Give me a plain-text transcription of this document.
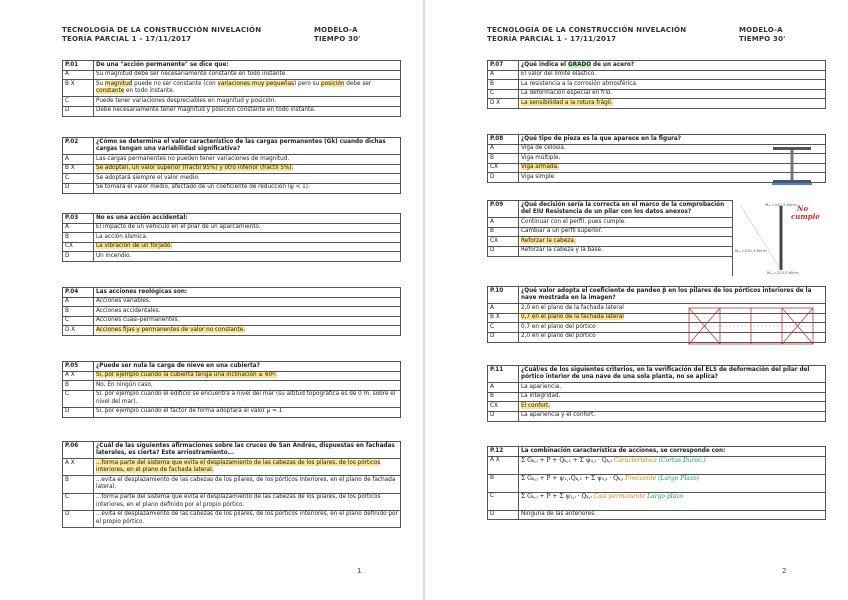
TECNOLOGÍA DE LA CONSTRUCCIÓN NIVELACIÓN
TEORÍA PARCIAL 1 - 17/11/2017
MODELO-A
TIEMPO 30'
P.01	De una "acción permanente" se dice que:
A	Su magnitud debe ser necesariamente constante en todo instante.
B X	Su magnitud puede no ser constante (con variaciones muy pequeñas) pero su posición debe ser constante en todo instante.
C	Puede tener variaciones despreciables en magnitud y posición.
D	Debe necesariamente tener magnitud y posición constante en todo instante.
P.02	¿Cómo se determina el valor característico de las cargas permanentes (Gk) cuando dichas cargas tengan una variabilidad significativa?
A	Las cargas permanentes no pueden tener variaciones de magnitud.
B X	Se adoptan, un valor superior (fractil 95%) y otro inferior (fractil 5%).
C	Se adoptará siempre el valor medio.
D	Se tomará el valor medio, afectado de un coeficiente de reducción (ψ < 1).
P.03	No es una acción accidental:
A	El impacto de un vehículo en el pilar de un aparcamiento.
B	La acción sísmica.
CX	La vibración de un forjado.
D	Un incendio.
P.04	Las acciones reológicas son:
A	Acciones variables.
B	Acciones accidentales.
C	Acciones cuasi-permanentes.
D X	Acciones fijas y permanentes de valor no constante.
P.05	¿Puede ser nula la carga de nieve en una cubierta?
A X	Sí, por ejemplo cuando la cubierta tenga una inclinación ≥ 60º.
B	No, En ningún caso.
C	Sí, por ejemplo cuando el edificio se encuentra a nivel del mar (su altitud topográfica es de 0 m. sobre el nivel del mar).
D	Sí, por ejemplo cuando el factor de forma adoptará el valor μ = 1
P.06	¿Cuál de las siguientes afirmaciones sobre las cruces de San Andrés, dispuestas en fachadas laterales, es cierta? Este arriostramiento...
A X	...forma parte del sistema que evita el desplazamiento de las cabezas de los pilares, de los pórticos interiores, en el plano de fachada lateral.
B	...evita el desplazamiento de las cabezas de los pilares, de los pórticos interiores, en el plano de fachada lateral.
C	...forma parte del sistema que evita el desplazamiento de las cabezas de los pilares, de los pórticos interiores, en el plano definido por el propio pórtico.
D	...evita el desplazamiento de las cabezas de los pilares, de los pórticos interiores, en el plano definido por el propio pórtico.
1
TECNOLOGÍA DE LA CONSTRUCCIÓN NIVELACIÓN
TEORÍA PARCIAL 1 - 17/11/2017
MODELO-A
TIEMPO 30'
P.07	¿Qué indica el GRADO de un acero?
A	El valor del límite elástico.
B	La resistencia a la corrosión atmosférica.
C	La deformación especial en frío.
D X	La sensibilidad a la rotura frágil.
P.08	¿Qué tipo de pieza es la que aparece en la figura?
A	Viga de celosía.
B	Viga múltiple.
CX	Viga armada.
D	Viga simple.
P.09	¿Qué decisión sería la correcta en el marco de la comprobación del EIU Resistencia de un pilar con los datos anexos?
A	Continuar con el perfil, pues cumple.
B	Cambiar a un perfil superior.
CX	Reforzar la cabeza.
D	Reforzar la cabeza y la base.
Mₑₓ=242,5 kN·m
Mₑₓ=232,3 kN·m
Mₑₓ=223,5 kN·m
No
cumple
P.10	¿Qué valor adopta el coeficiente de pandeo β en los pilares de los pórticos interiores de la nave mostrada en la imagen?
A	2,0 en el plano de la fachada lateral
B X	0,7 en el plano de la fachada lateral
C	0,7 en el plano del pórtico
D	2,0 en el plano del pórtico
P.11	¿Cuál/es de los siguientes criterios, en la verificación del ELS de deformación del pilar del pórtico interior de una nave de una sola planta, no se aplica?
A	La apariencia.
B	La integridad.
CX	El confort.
D	La apariencia y el confort.
P.12	La combinación característica de acciones, se corresponde con:
A X	Σ Gₖ,ⱼ + P + Qₖ,₁ + Σ ψ₀,ᵢ · Qₖ,ᵢ Caracteristica (Cortas Durac.)
B	Σ Gₖ,ⱼ + P + ψ₁,₁Qₖ,₁ + Σ ψ₂,ᵢ · Qₖ,ᵢ Frecuente (Largo Plazo)
C	Σ Gₖ,ⱼ + P + Σ ψ₂,ᵢ · Qₖ,ᵢ Casi permanente Largo plazo
D	Ninguna de las anteriores.
2
